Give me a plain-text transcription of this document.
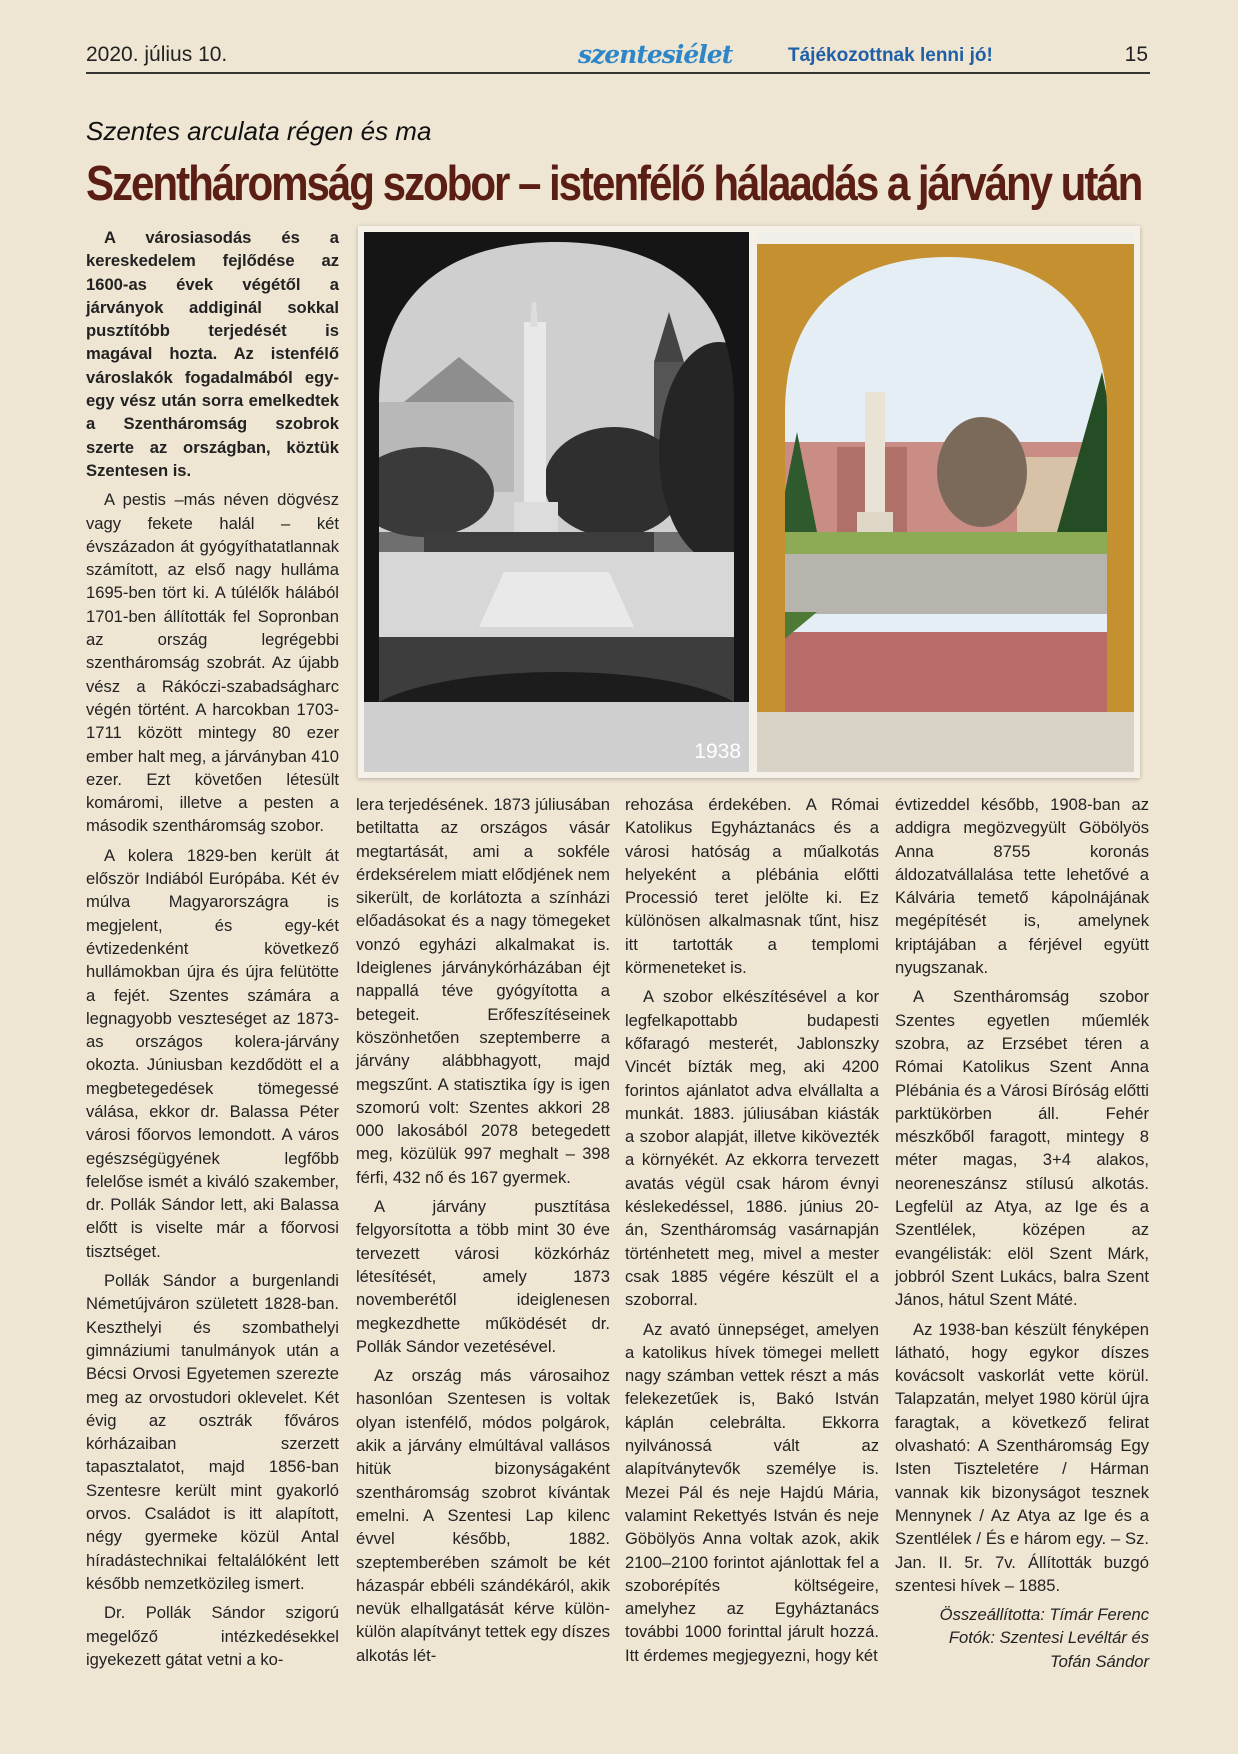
2020. július 10.	szentesiélet	Tájékozottnak lenni jó!	15
Szentes arculata régen és ma
Szentháromság szobor – istenfélő hálaadás a járvány után

A városiasodás és a kereskedelem fejlődése az 1600-as évek végétől a járványok addiginál sokkal pusztítóbb terjedését is magával hozta. Az istenfélő városlakók fogadalmából egy-egy vész után sorra emelkedtek a Szentháromság szobrok szerte az országban, köztük Szentesen is.

A pestis –más néven dögvész vagy fekete halál – két évszázadon át gyógyíthatatlannak számított, az első nagy hulláma 1695-ben tört ki. A túlélők hálából 1701-ben állították fel Sopronban az ország legrégebbi szentháromság szobrát. Az újabb vész a Rákóczi-szabadságharc végén történt. A harcokban 1703-1711 között mintegy 80 ezer ember halt meg, a járványban 410 ezer. Ezt követően létesült komáromi, illetve a pesten a második szentháromság szobor.

A kolera 1829-ben került át először Indiából Európába. Két év múlva Magyarországra is megjelent, és egy-két évtizedenként következő hullámokban újra és újra felütötte a fejét. Szentes számára a legnagyobb veszteséget az 1873-as országos kolera-járvány okozta. Júniusban kezdődött el a megbetegedések tömegessé válása, ekkor dr. Balassa Péter városi főorvos lemondott. A város egészségügyének legfőbb felelőse ismét a kiváló szakember, dr. Pollák Sándor lett, aki Balassa előtt is viselte már a főorvosi tisztséget.

Pollák Sándor a burgenlandi Németújváron született 1828-ban. Keszthelyi és szombathelyi gimnáziumi tanulmányok után a Bécsi Orvosi Egyetemen szerezte meg az orvostudori oklevelet. Két évig az osztrák főváros kórházaiban szerzett tapasztalatot, majd 1856-ban Szentesre került mint gyakorló orvos. Családot is itt alapított, négy gyermeke közül Antal híradástechnikai feltalálóként lett később nemzetközileg ismert.

Dr. Pollák Sándor szigorú megelőző intézkedésekkel igyekezett gátat vetni a ko-

1938

lera terjedésének. 1873 júliusában betiltatta az országos vásár megtartását, ami a sokféle érdeksérelem miatt elődjének nem sikerült, de korlátozta a színházi előadásokat és a nagy tömegeket vonzó egyházi alkalmakat is. Ideiglenes járványkórházában éjt nappallá téve gyógyította a betegeit. Erőfeszítéseinek köszönhetően szeptemberre a járvány alábbhagyott, majd megszűnt. A statisztika így is igen szomorú volt: Szentes akkori 28 000 lakosából 2078 betegedett meg, közülük 997 meghalt – 398 férfi, 432 nő és 167 gyermek.

A járvány pusztítása felgyorsította a több mint 30 éve tervezett városi közkórház létesítését, amely 1873 novemberétől ideiglenesen megkezdhette működését dr. Pollák Sándor vezetésével.

Az ország más városaihoz hasonlóan Szentesen is voltak olyan istenfélő, módos polgárok, akik a járvány elmúltával vallásos hitük bizonyságaként szentháromság szobrot kívántak emelni. A Szentesi Lap kilenc évvel később, 1882. szeptemberében számolt be két házaspár ebbéli szándékáról, akik nevük elhallgatását kérve külön-külön alapítványt tettek egy díszes alkotás lét-

rehozása érdekében. A Római Katolikus Egyháztanács és a városi hatóság a műalkotás helyeként a plébánia előtti Processió teret jelölte ki. Ez különösen alkalmasnak tűnt, hisz itt tartották a templomi körmeneteket is.

A szobor elkészítésével a kor legfelkapottabb budapesti kőfaragó mesterét, Jablonszky Vincét bízták meg, aki 4200 forintos ajánlatot adva elvállalta a munkát. 1883. júliusában kiásták a szobor alapját, illetve kikövezték a környékét. Az ekkorra tervezett avatás végül csak három évnyi késlekedéssel, 1886. június 20-án, Szentháromság vasárnapján történhetett meg, mivel a mester csak 1885 végére készült el a szoborral.

Az avató ünnepséget, amelyen a katolikus hívek tömegei mellett nagy számban vettek részt a más felekezetűek is, Bakó István káplán celebrálta. Ekkorra nyilvánossá vált az alapítványtevők személye is. Mezei Pál és neje Hajdú Mária, valamint Rekettyés István és neje Göbölyös Anna voltak azok, akik 2100–2100 forintot ajánlottak fel a szoborépítés költségeire, amelyhez az Egyháztanács további 1000 forinttal járult hozzá. Itt érdemes megjegyezni, hogy két

évtizeddel később, 1908-ban az addigra megözvegyült Göbölyös Anna 8755 koronás áldozatvállalása tette lehetővé a Kálvária temető kápolnájának megépítését is, amelynek kriptájában a férjével együtt nyugszanak.

A Szentháromság szobor Szentes egyetlen műemlék szobra, az Erzsébet téren a Római Katolikus Szent Anna Plébánia és a Városi Bíróság előtti parktükörben áll. Fehér mészkőből faragott, mintegy 8 méter magas, 3+4 alakos, neoreneszánsz stílusú alkotás. Legfelül az Atya, az Ige és a Szentlélek, középen az evangélisták: elöl Szent Márk, jobbról Szent Lukács, balra Szent János, hátul Szent Máté.

Az 1938-ban készült fényképen látható, hogy egykor díszes kovácsolt vaskorlát vette körül. Talapzatán, melyet 1980 körül újra faragtak, a következő felirat olvasható: A Szentháromság Egy Isten Tiszteletére / Hárman vannak kik bizonyságot tesznek Mennynek / Az Atya az Ige és a Szentlélek / És e három egy. – Sz. Jan. II. 5r. 7v. Állították buzgó szentesi hívek – 1885.

Összeállította: Tímár Ferenc

Fotók: Szentesi Levéltár és

Tofán Sándor
